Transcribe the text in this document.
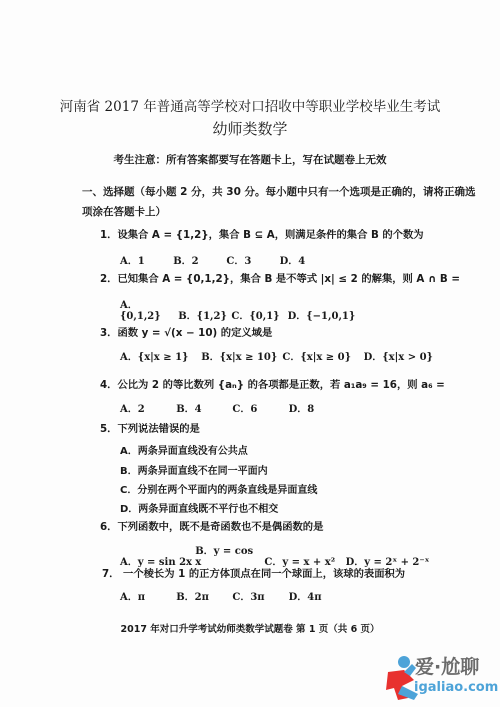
河南省 2017 年普通高等学校对口招收中等职业学校毕业生考试
幼师类数学
考生注意：所有答案都要写在答题卡上，写在试题卷上无效
一、选择题（每小题 2 分，共 30 分。每小题中只有一个选项是正确的，请将正确选
项涂在答题卡上）
1．设集合 A = {1,2}，集合 B ⊆ A，则满足条件的集合 B 的个数为
A．1	B．2	C．3	D．4
2．已知集合 A = {0,1,2}，集合 B 是不等式 |x| ≤ 2 的解集，则 A ∩ B =
A．{0,1,2} B．{1,2} C．{0,1} D．{−1,0,1}
3．函数 y = √(x − 10) 的定义域是
A．{x|x ≥ 1} B．{x|x ≥ 10} C．{x|x ≥ 0} D．{x|x > 0}
4．公比为 2 的等比数列 {aₙ} 的各项都是正数，若 a₁a₉ = 16，则 a₆ =
A．2	B．4	C．6	D．8
5．下列说法错误的是
A．两条异面直线没有公共点
B．两条异面直线不在同一平面内
C．分别在两个平面内的两条直线是异面直线
D．两条异面直线既不平行也不相交
6．下列函数中，既不是奇函数也不是偶函数的是
A．y = sin 2x B．y = cos x	C．y = x + x² D．y = 2ˣ + 2⁻ˣ
7． 一个棱长为 1 的正方体顶点在同一个球面上，该球的表面积为
A．π	B．2π C．3π D．4π
2017 年对口升学考试幼师类数学试题卷 第 1 页（共 6 页）
爱·尬聊
igaliao.com
